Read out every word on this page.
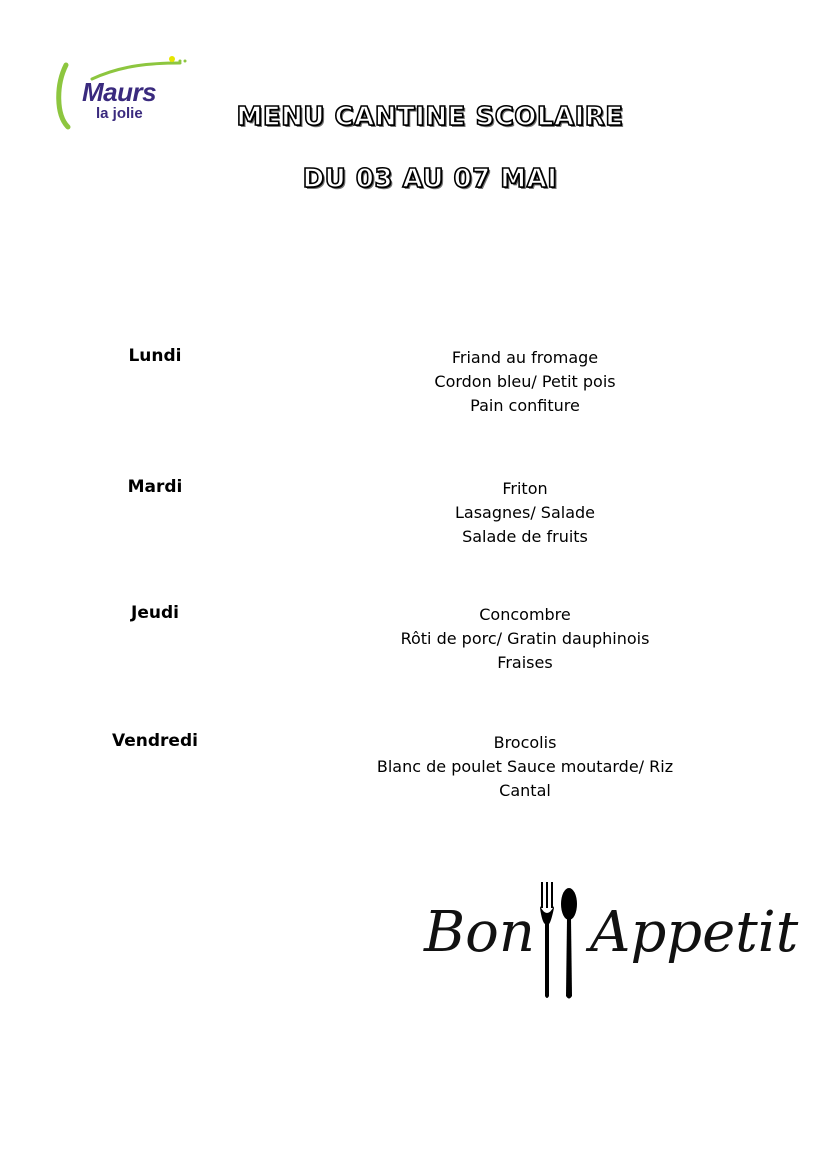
Maurs
la jolie	MENU CANTINE SCOLAIRE
DU 03 AU 07 MAI
Lundi	Friand au fromage
Cordon bleu/ Petit pois
Pain confiture
Mardi	Friton
Lasagnes/ Salade
Salade de fruits
Jeudi	Concombre
Rôti de porc/ Gratin dauphinois
Fraises
Vendredi	Brocolis
Blanc de poulet Sauce moutarde/ Riz
Cantal
Bon Appetit
